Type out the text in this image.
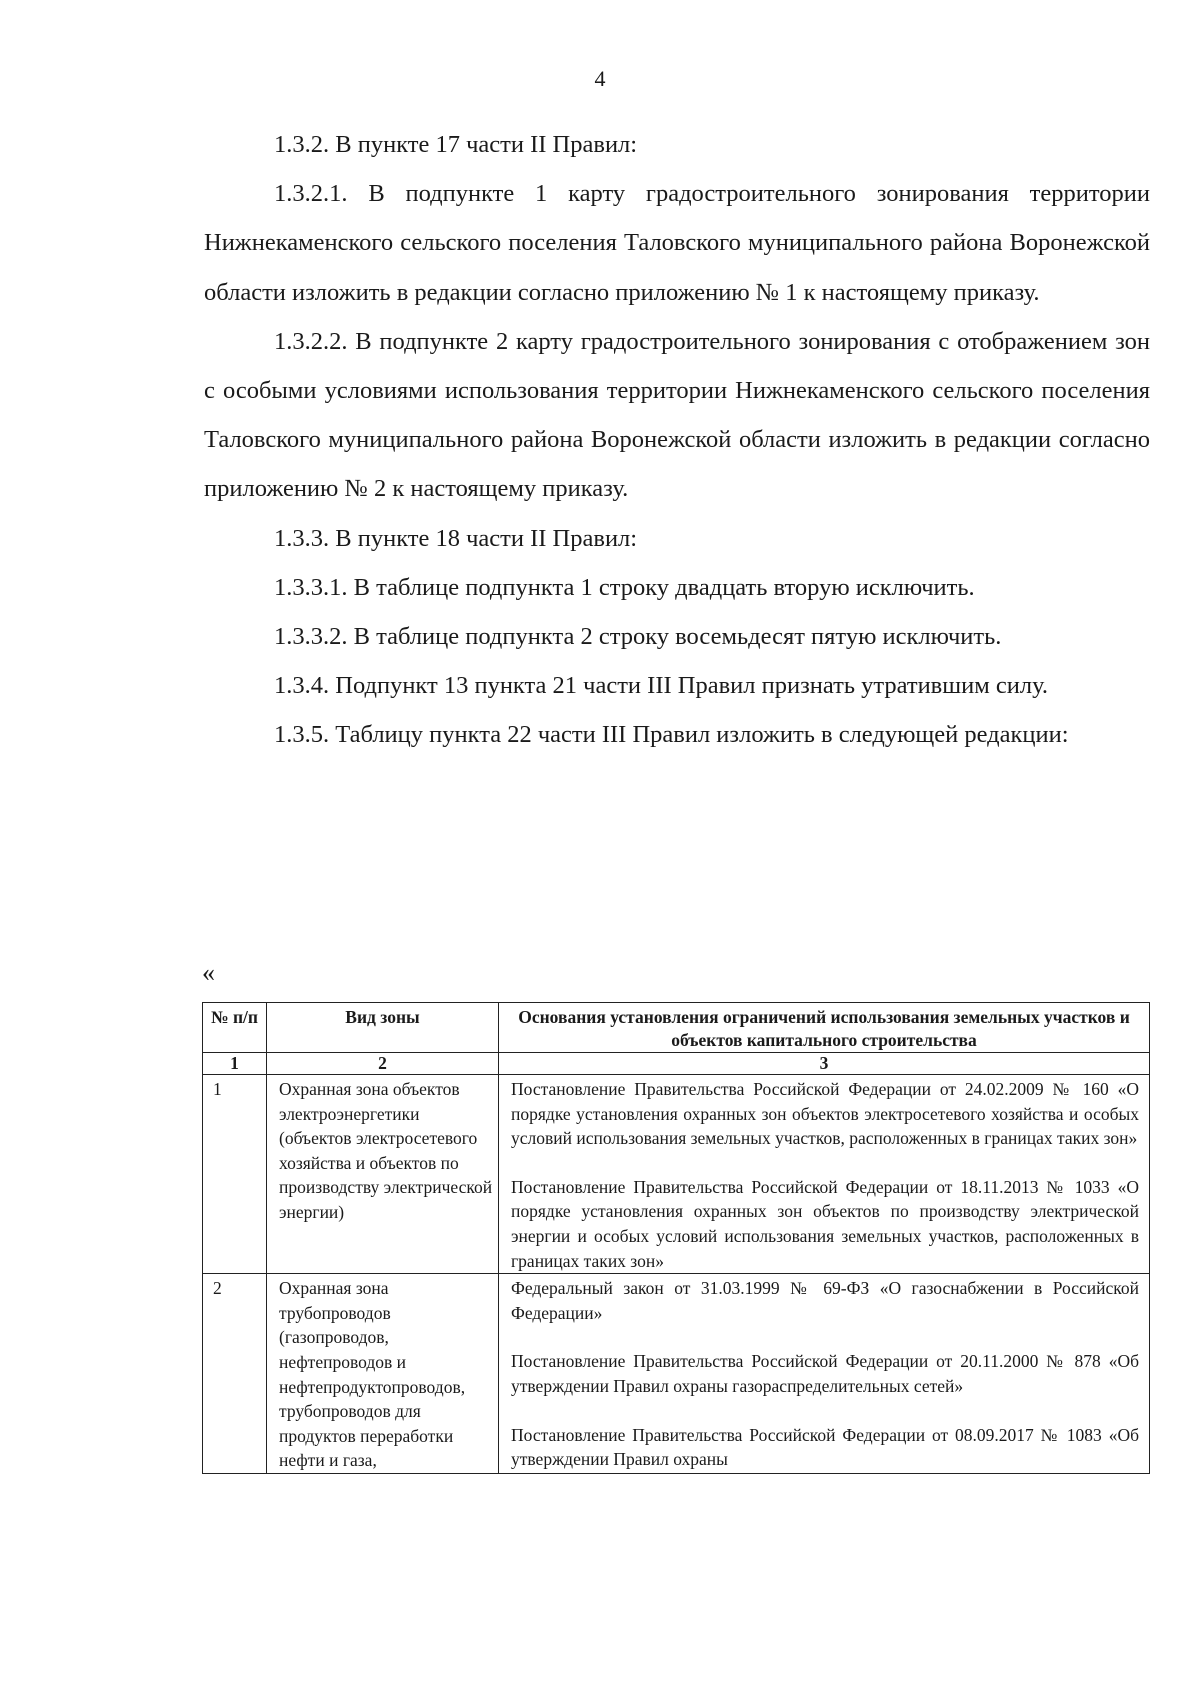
4

1.3.2. В пункте 17 части II Правил:

1.3.2.1. В подпункте 1 карту градостроительного зонирования территории Нижнекаменского сельского поселения Таловского муниципального района Воронежской области изложить в редакции согласно приложению № 1 к настоящему приказу.

1.3.2.2. В подпункте 2 карту градостроительного зонирования с отображением зон с особыми условиями использования территории Нижнекаменского сельского поселения Таловского муниципального района Воронежской области изложить в редакции согласно приложению № 2 к настоящему приказу.

1.3.3. В пункте 18 части II Правил:

1.3.3.1. В таблице подпункта 1 строку двадцать вторую исключить.

1.3.3.2. В таблице подпункта 2 строку восемьдесят пятую исключить.

1.3.4. Подпункт 13 пункта 21 части III Правил признать утратившим силу.

1.3.5. Таблицу пункта 22 части III Правил изложить в следующей редакции:

«
№ п/п	Вид зоны	Основания установления ограничений использования земельных участков и объектов капитального строительства
1	2	3
1	Охранная зона объектов электроэнергетики (объектов электросетевого хозяйства и объектов по производству электрической энергии)	Постановление Правительства Российской Федерации от 24.02.2009 № 160 «О порядке установления охранных зон объектов электросетевого хозяйства и особых условий использования земельных участков, расположенных в границах таких зон»

Постановление Правительства Российской Федерации от 18.11.2013 № 1033 «О порядке установления охранных зон объектов по производству электрической энергии и особых условий использования земельных участков, расположенных в границах таких зон»

2	Охранная зона трубопроводов (газопроводов, нефтепроводов и нефтепродуктопроводов, трубопроводов для продуктов переработки нефти и газа,	Федеральный закон от 31.03.1999 № 69-ФЗ «О газоснабжении в Российской Федерации»

Постановление Правительства Российской Федерации от 20.11.2000 № 878 «Об утверждении Правил охраны газораспределительных сетей»

Постановление Правительства Российской Федерации от 08.09.2017 № 1083 «Об утверждении Правил охраны
